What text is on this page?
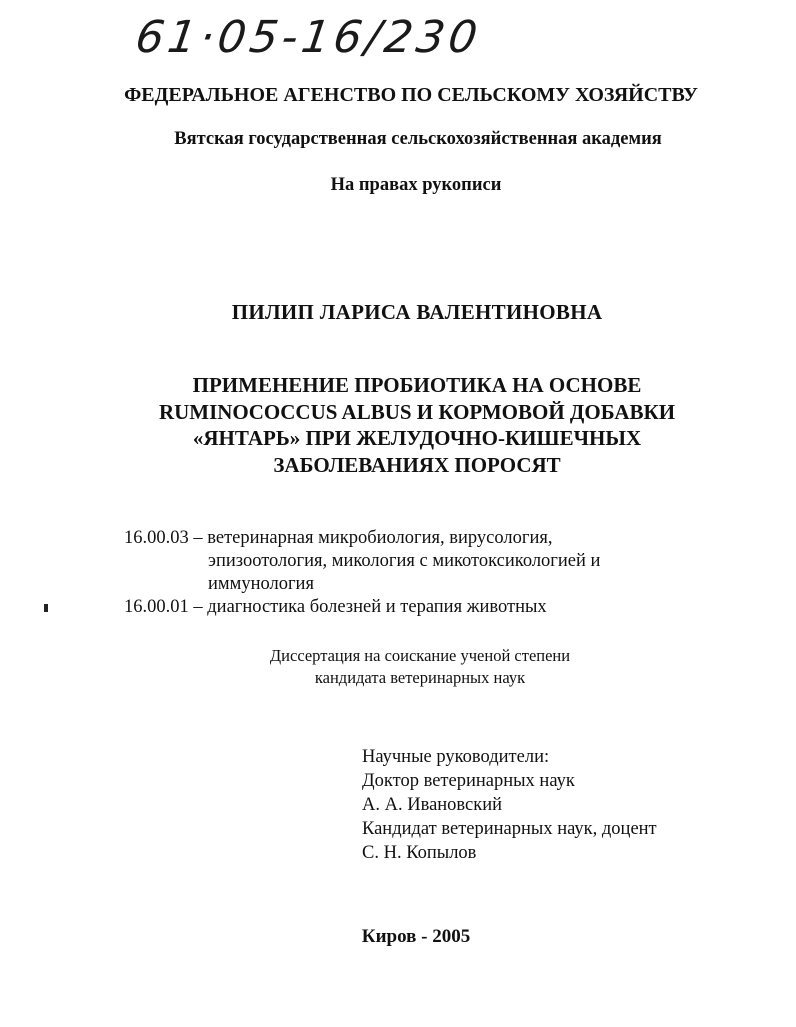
61·05-16/230
ФЕДЕРАЛЬНОЕ АГЕНСТВО ПО СЕЛЬСКОМУ ХОЗЯЙСТВУ
Вятская государственная сельскохозяйственная академия
На правах рукописи
ПИЛИП ЛАРИСА ВАЛЕНТИНОВНА
ПРИМЕНЕНИЕ ПРОБИОТИКА НА ОСНОВЕ
RUMINOCOCCUS ALBUS И КОРМОВОЙ ДОБАВКИ
«ЯНТАРЬ» ПРИ ЖЕЛУДОЧНО-КИШЕЧНЫХ
ЗАБОЛЕВАНИЯХ ПОРОСЯТ
16.00.03 – ветеринарная микробиология, вирусология,
эпизоотология, микология с микотоксикологией и
иммунология
16.00.01 – диагностика болезней и терапия животных
Диссертация на соискание ученой степени
кандидата ветеринарных наук
Научные руководители:
Доктор ветеринарных наук
А. А. Ивановский
Кандидат ветеринарных наук, доцент
С. Н. Копылов
Киров - 2005
